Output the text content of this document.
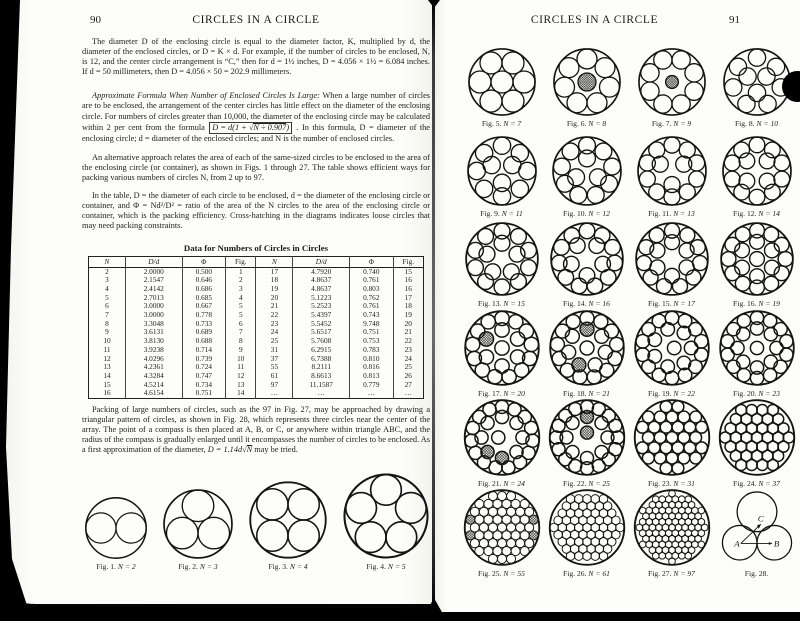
90	CIRCLES IN A CIRCLE

The diameter D of the enclosing circle is equal to the diameter factor, K, multiplied by d, the diameter of the enclosed circles, or D = K × d. For example, if the number of circles to be enclosed, N, is 12, and the center circle arrangement is “C,” then for d = 1½ inches, D = 4.056 × 1½ = 6.084 inches. If d = 50 millimeters, then D = 4.056 × 50 = 202.9 millimeters.

Approximate Formula When Number of Enclosed Circles Is Large: When a large number of circles are to be enclosed, the arrangement of the center circles has little effect on the diameter of the enclosing circle. For numbers of circles greater than 10,000, the diameter of the enclosing circle may be calculated within 2 per cent from the formula D = d(1 + √N ÷ 0.907) . In this formula, D = diameter of the enclosing circle; d = diameter of the enclosed circles; and N is the number of enclosed circles.

An alternative approach relates the area of each of the same-sized circles to be enclosed to the area of the enclosing circle (or container), as shown in Figs. 1 through 27. The table shows efficient ways for packing various numbers of circles N, from 2 up to 97.

In the table, D = the diameter of each circle to be enclosed, d = the diameter of the enclosing circle or container, and Φ = Nd²/D² = ratio of the area of the N circles to the area of the enclosing circle or container, which is the packing efficiency. Cross-hatching in the diagrams indicates loose circles that may need packing constraints.

Data for Numbers of Circles in Circles
N	D/d	Φ	Fig.	N	D/d	Φ	Fig.
2	2.0000	0.500	1	17	4.7920	0.740	15
3	2.1547	0.646	2	18	4.8637	0.761	16
4	2.4142	0.686	3	19	4.8637	0.803	16
5	2.7013	0.685	4	20	5.1223	0.762	17
6	3.0000	0.667	5	21	5.2523	0.761	18
7	3.0000	0.778	5	22	5.4397	0.743	19
8	3.3048	0.733	6	23	5.5452	9.748	20
9	3.6131	0.689	7	24	5.6517	0.751	21
10	3.8130	0.688	8	25	5.7608	0.753	22
11	3.9238	0.714	9	31	6.2915	0.783	23
12	4.0296	0.739	10	37	6.7388	0.810	24
13	4.2361	0.724	11	55	8.2111	0.816	25
14	4.3284	0.747	12	61	8.6613	0.813	26
15	4.5214	0.734	13	97	11.1587	0.779	27
16	4.6154	0.751	14	…	…	…	…

Packing of large numbers of circles, such as the 97 in Fig. 27, may be approached by drawing a triangular pattern of circles, as shown in Fig. 28, which represents three circles near the center of the array. The point of a compass is then placed at A, B, or C, or anywhere within triangle ABC, and the radius of the compass is gradually enlarged until it encompasses the number of circles to be enclosed. As a first approximation of the diameter, D = 1.14d√N may be tried.

Fig. 1. N = 2	Fig. 2. N = 3	Fig. 3. N = 4	Fig. 4. N = 5
CIRCLES IN A CIRCLE	91
Fig. 5. N = 7	Fig. 6. N = 8	Fig. 7. N = 9	Fig. 8. N = 10
Fig. 9. N = 11	Fig. 10. N = 12	Fig. 11. N = 13	Fig. 12. N = 14
Fig. 13. N = 15	Fig. 14. N = 16	Fig. 15. N = 17	Fig. 16. N = 19
Fig. 17. N = 20	Fig. 18. N = 21	Fig. 19. N = 22	Fig. 20. N = 23
Fig. 21. N = 24	Fig. 22. N = 25	Fig. 23. N = 31	Fig. 24. N = 37
Fig. 25. N = 55	Fig. 26. N = 61	Fig. 27. N = 97	Fig. 28.
